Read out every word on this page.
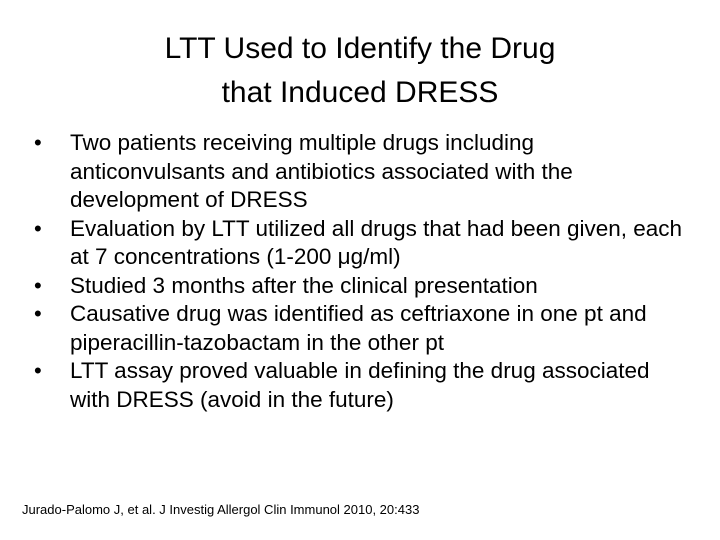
LTT Used to Identify the Drug
that Induced DRESS
•	Two patients receiving multiple drugs including anticonvulsants and antibiotics associated with the development of DRESS
•	Evaluation by LTT utilized all drugs that had been given, each at 7 concentrations (1-200 μg/ml)
•	Studied 3 months after the clinical presentation
•	Causative drug was identified as ceftriaxone in one pt and piperacillin-tazobactam in the other pt
•	LTT assay proved valuable in defining the drug associated with DRESS (avoid in the future)
Jurado-Palomo J, et al. J Investig Allergol Clin Immunol 2010, 20:433
